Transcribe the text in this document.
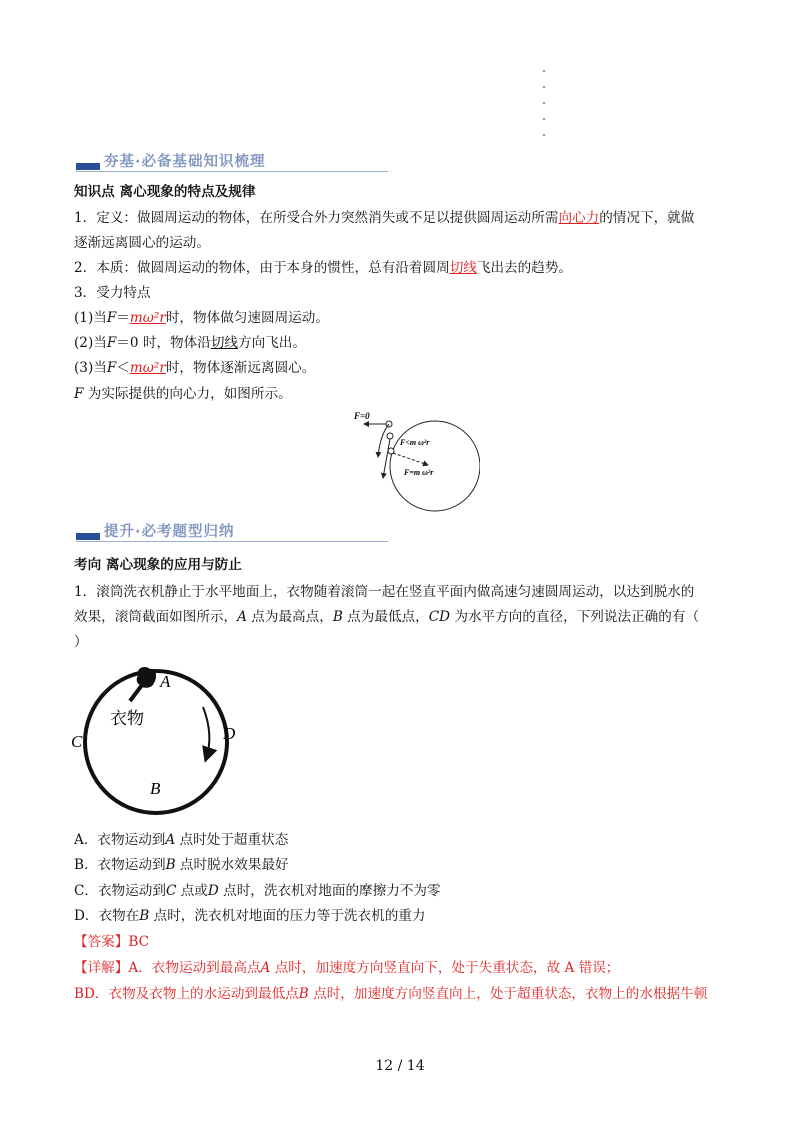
夯基·必备基础知识梳理
知识点 离心现象的特点及规律
1．定义：做圆周运动的物体，在所受合外力突然消失或不足以提供圆周运动所需向心力的情况下，就做
逐渐远离圆心的运动。
2．本质：做圆周运动的物体，由于本身的惯性，总有沿着圆周切线飞出去的趋势。
3．受力特点
(1)当F＝mω²r时，物体做匀速圆周运动。
(2)当F＝0 时，物体沿切线方向飞出。
(3)当F＜mω²r时，物体逐渐远离圆心。
F 为实际提供的向心力，如图所示。
F=0
F<m ω²r
F=m ω²r
提升·必考题型归纳
考向 离心现象的应用与防止
1．滚筒洗衣机静止于水平地面上，衣物随着滚筒一起在竖直平面内做高速匀速圆周运动，以达到脱水的
效果，滚筒截面如图所示，A 点为最高点，B 点为最低点，CD 为水平方向的直径，下列说法正确的有（
）
A
B
C	D
衣物
A．衣物运动到A 点时处于超重状态
B．衣物运动到B 点时脱水效果最好
C．衣物运动到C 点或D 点时，洗衣机对地面的摩擦力不为零
D．衣物在B 点时，洗衣机对地面的压力等于洗衣机的重力
【答案】BC
【详解】A．衣物运动到最高点A 点时，加速度方向竖直向下，处于失重状态，故 A 错误；
BD．衣物及衣物上的水运动到最低点B 点时，加速度方向竖直向上，处于超重状态，衣物上的水根据牛顿
12 / 14
